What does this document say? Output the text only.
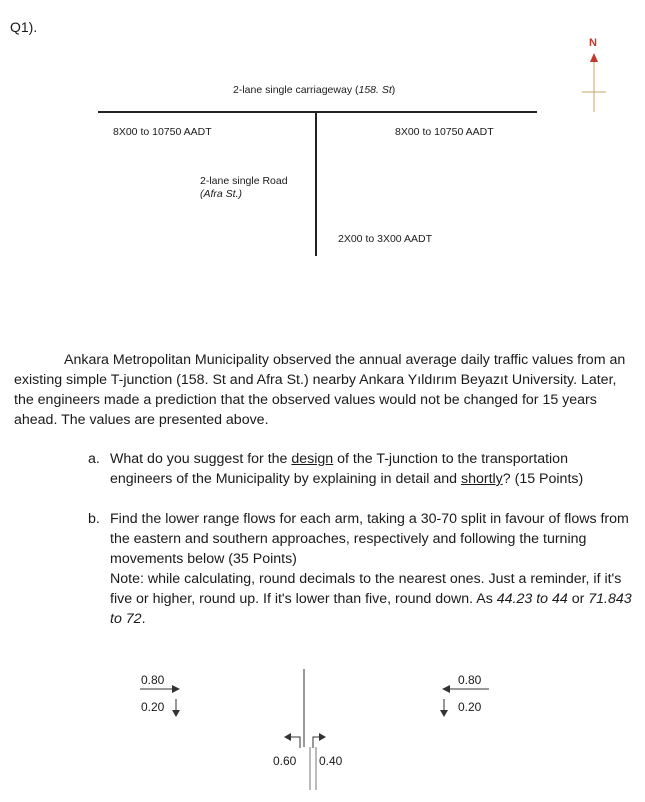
Q1).
N
2-lane single carriageway (158. St)
8X00 to 10750 AADT	8X00 to 10750 AADT
2-lane single Road
(Afra St.)
2X00 to 3X00 AADT
Ankara Metropolitan Municipality observed the annual average daily traffic values from an existing simple T-junction (158. St and Afra St.) nearby Ankara Yıldırım Beyazıt University. Later, the engineers made a prediction that the observed values would not be changed for 15 years ahead. The values are presented above.
a. What do you suggest for the design of the T-junction to the transportation engineers of the Municipality by explaining in detail and shortly? (15 Points)
b. Find the lower range flows for each arm, taking a 30-70 split in favour of flows from the eastern and southern approaches, respectively and following the turning movements below (35 Points)
Note: while calculating, round decimals to the nearest ones. Just a reminder, if it's five or higher, round up. If it's lower than five, round down. As 44.23 to 44 or 71.843 to 72.
0.80
0.20
0.80
0.20
0.60 0.40
